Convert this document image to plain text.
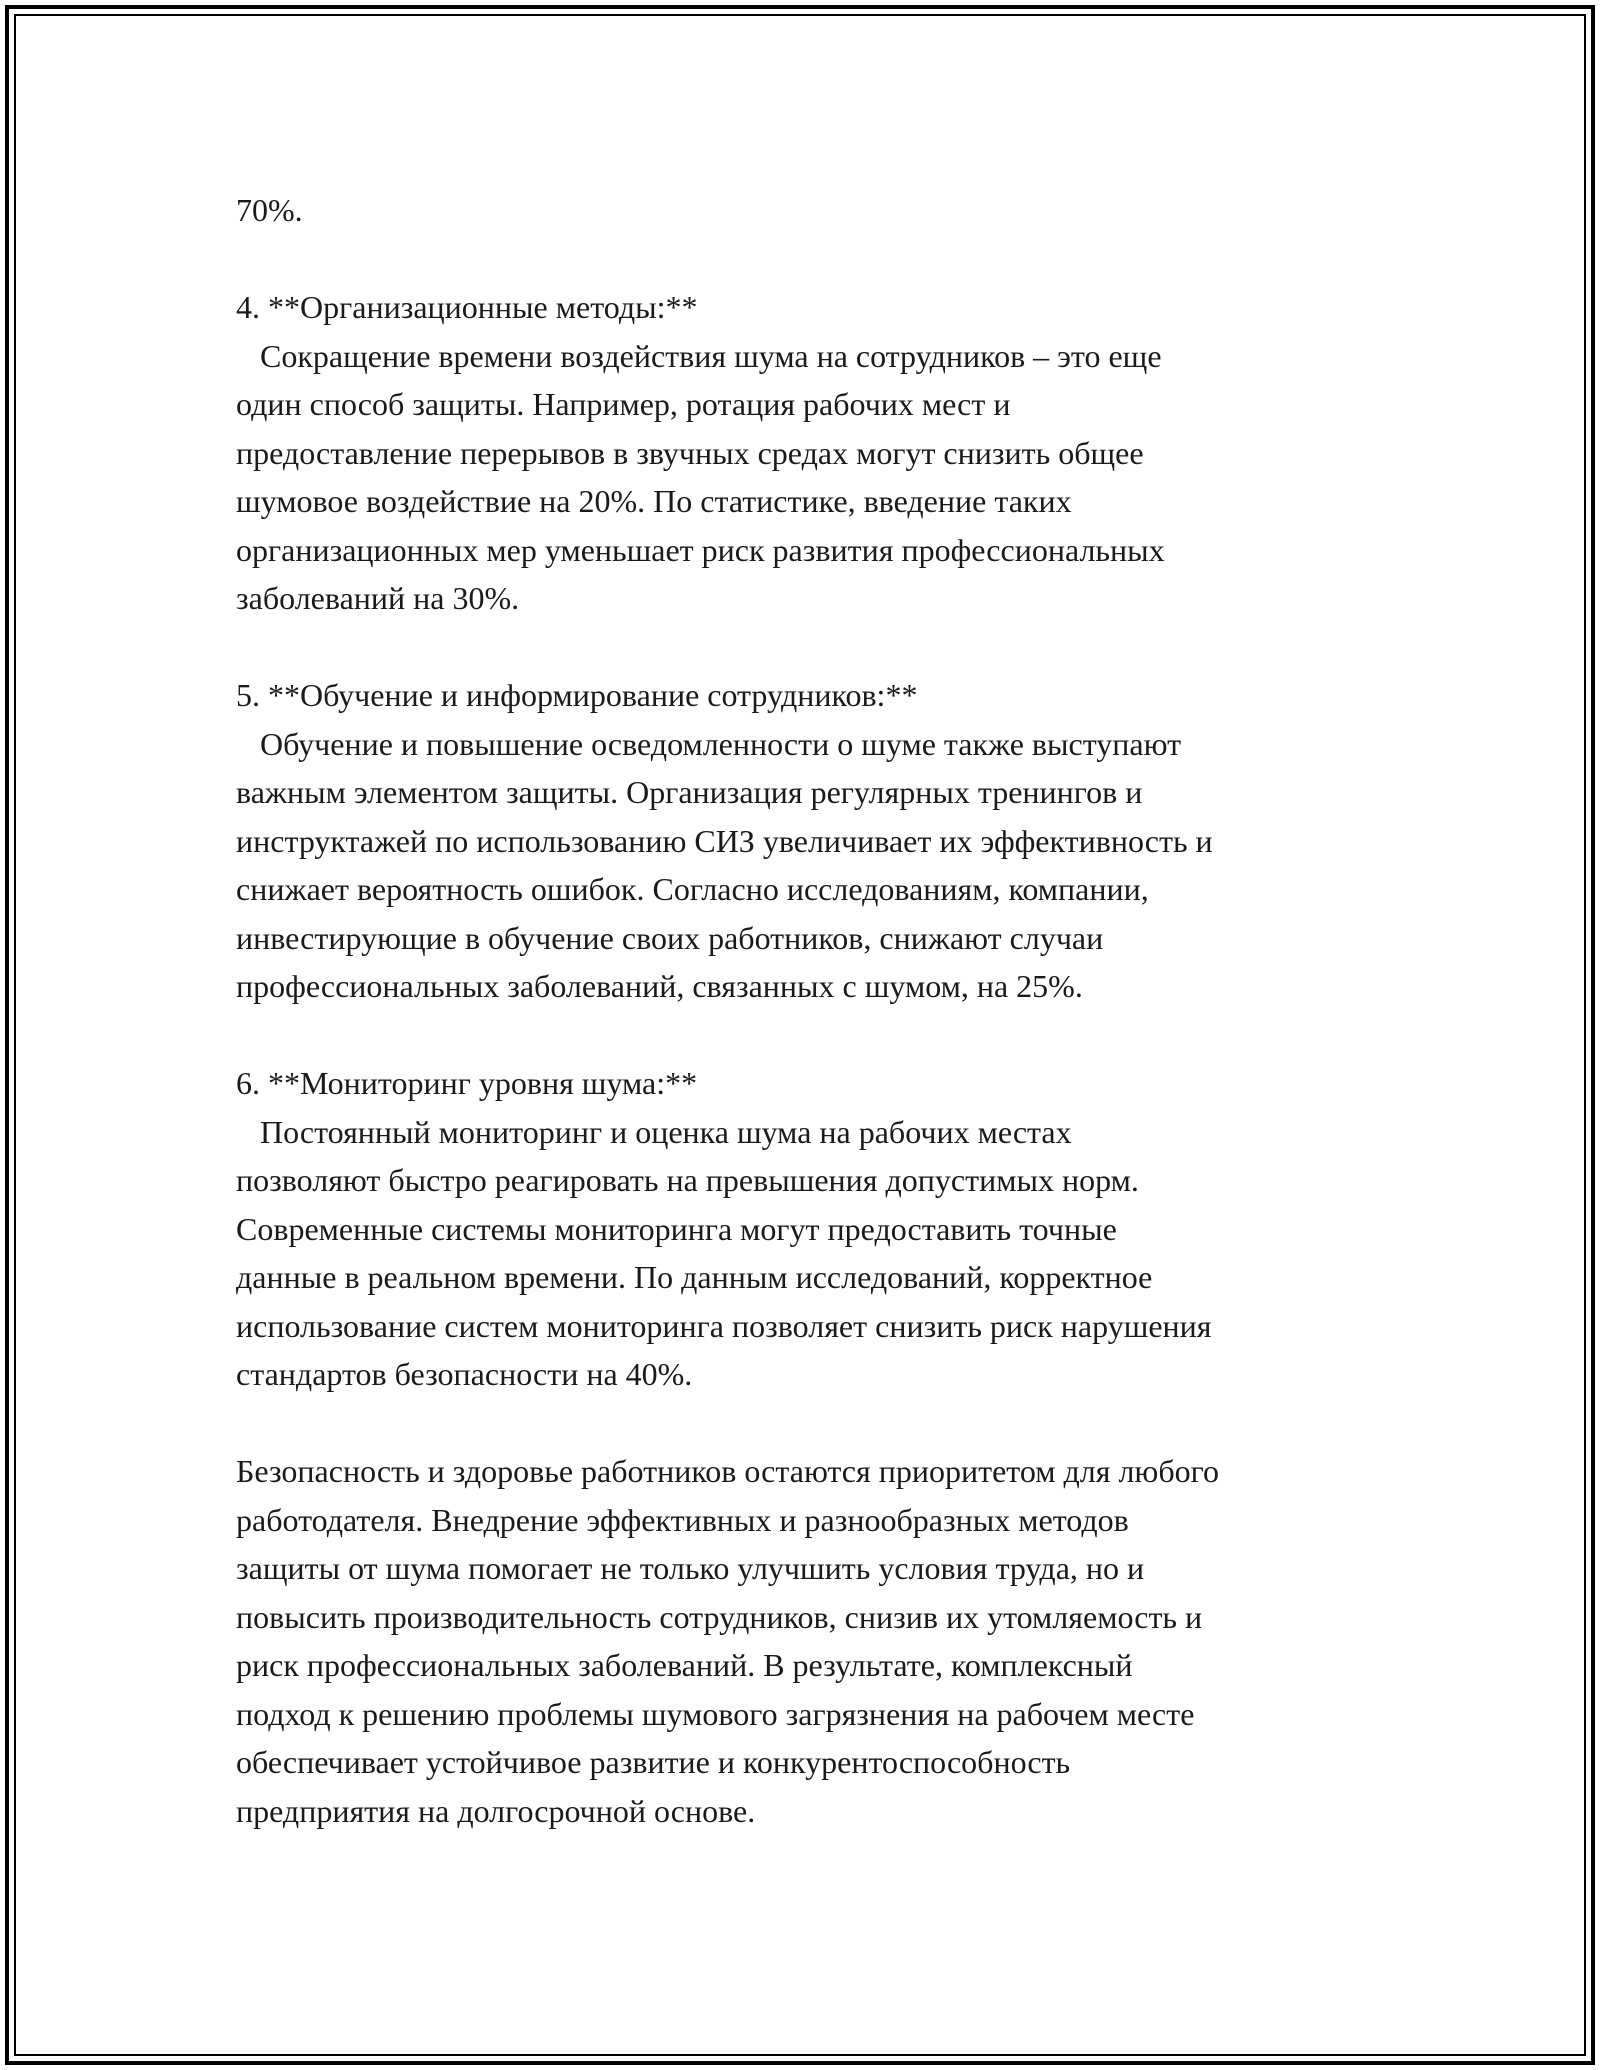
70%.
4. **Организационные методы:**
Сокращение времени воздействия шума на сотрудников – это еще
один способ защиты. Например, ротация рабочих мест и
предоставление перерывов в звучных средах могут снизить общее
шумовое воздействие на 20%. По статистике, введение таких
организационных мер уменьшает риск развития профессиональных
заболеваний на 30%.
5. **Обучение и информирование сотрудников:**
Обучение и повышение осведомленности о шуме также выступают
важным элементом защиты. Организация регулярных тренингов и
инструктажей по использованию СИЗ увеличивает их эффективность и
снижает вероятность ошибок. Согласно исследованиям, компании,
инвестирующие в обучение своих работников, снижают случаи
профессиональных заболеваний, связанных с шумом, на 25%.
6. **Мониторинг уровня шума:**
Постоянный мониторинг и оценка шума на рабочих местах
позволяют быстро реагировать на превышения допустимых норм.
Современные системы мониторинга могут предоставить точные
данные в реальном времени. По данным исследований, корректное
использование систем мониторинга позволяет снизить риск нарушения
стандартов безопасности на 40%.
Безопасность и здоровье работников остаются приоритетом для любого
работодателя. Внедрение эффективных и разнообразных методов
защиты от шума помогает не только улучшить условия труда, но и
повысить производительность сотрудников, снизив их утомляемость и
риск профессиональных заболеваний. В результате, комплексный
подход к решению проблемы шумового загрязнения на рабочем месте
обеспечивает устойчивое развитие и конкурентоспособность
предприятия на долгосрочной основе.
